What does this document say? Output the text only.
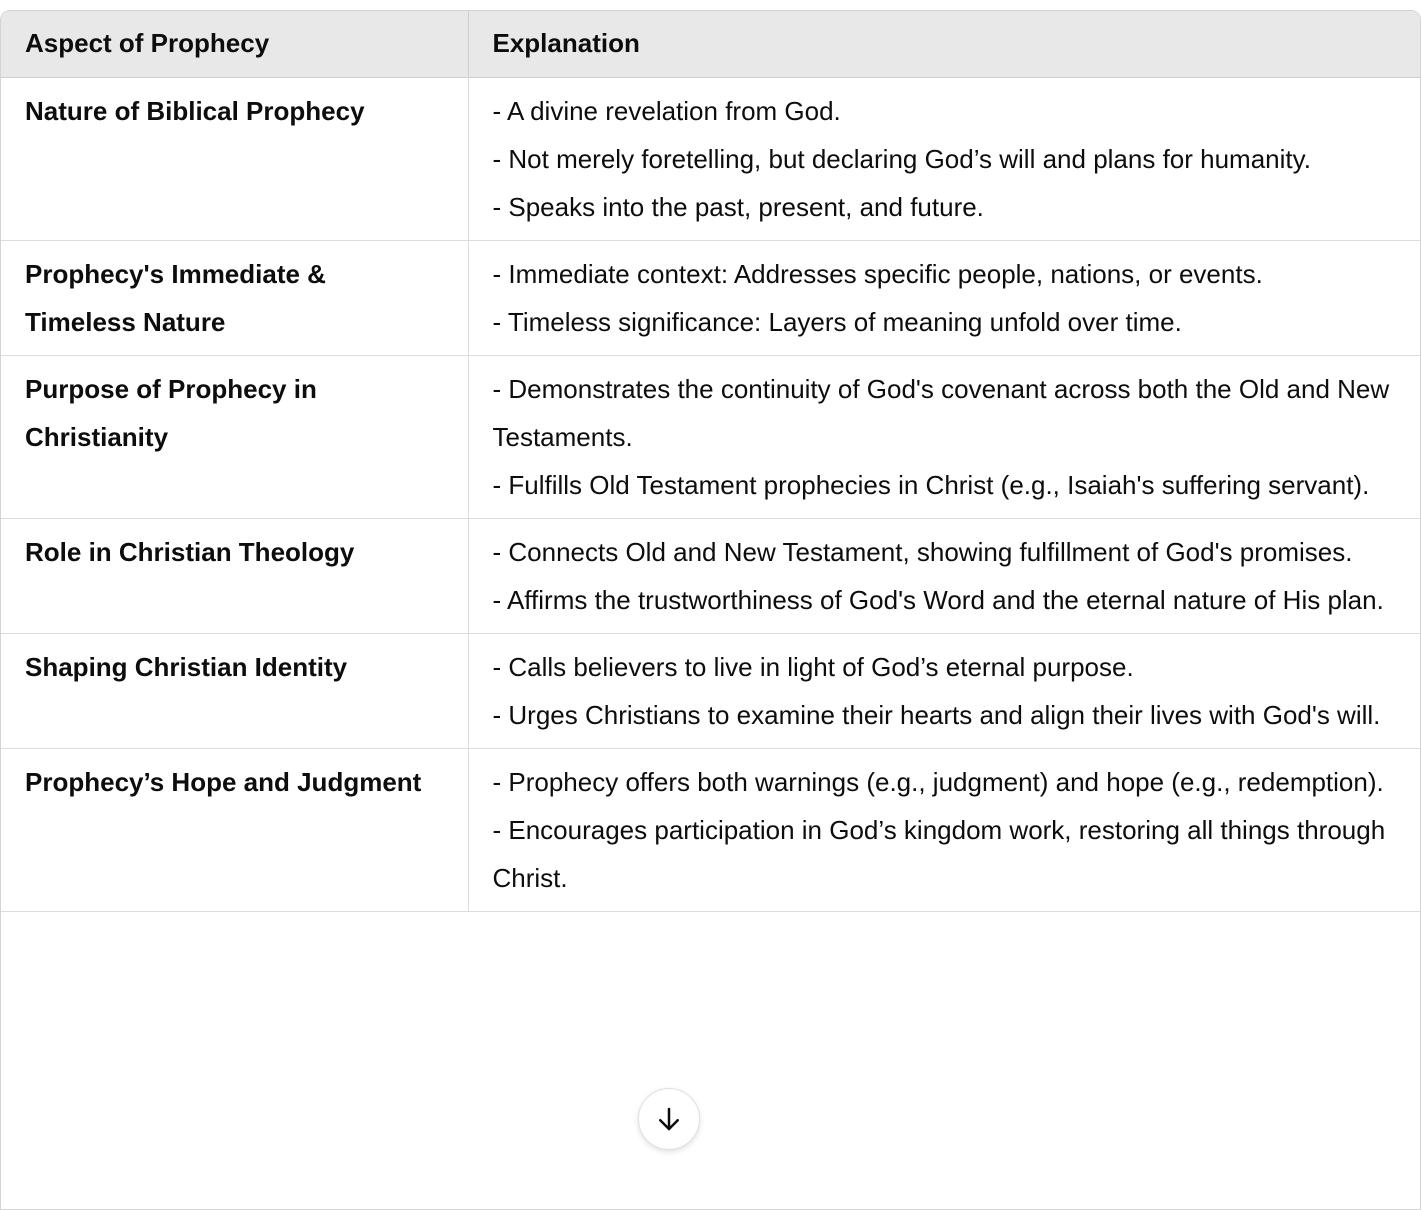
Aspect of Prophecy	Explanation
Nature of Biblical Prophecy	- A divine revelation from God.
- Not merely foretelling, but declaring God’s will and plans for humanity.
- Speaks into the past, present, and future.

Prophecy's Immediate & Timeless Nature	- Immediate context: Addresses specific people, nations, or events.
- Timeless significance: Layers of meaning unfold over time.

Purpose of Prophecy in Christianity	- Demonstrates the continuity of God's covenant across both the Old and New Testaments.
- Fulfills Old Testament prophecies in Christ (e.g., Isaiah's suffering servant).

Role in Christian Theology	- Connects Old and New Testament, showing fulfillment of God's promises.
- Affirms the trustworthiness of God's Word and the eternal nature of His plan.

Shaping Christian Identity	- Calls believers to live in light of God’s eternal purpose.
- Urges Christians to examine their hearts and align their lives with God's will.

Prophecy’s Hope and Judgment	- Prophecy offers both warnings (e.g., judgment) and hope (e.g., redemption).
- Encourages participation in God’s kingdom work, restoring all things through Christ.
